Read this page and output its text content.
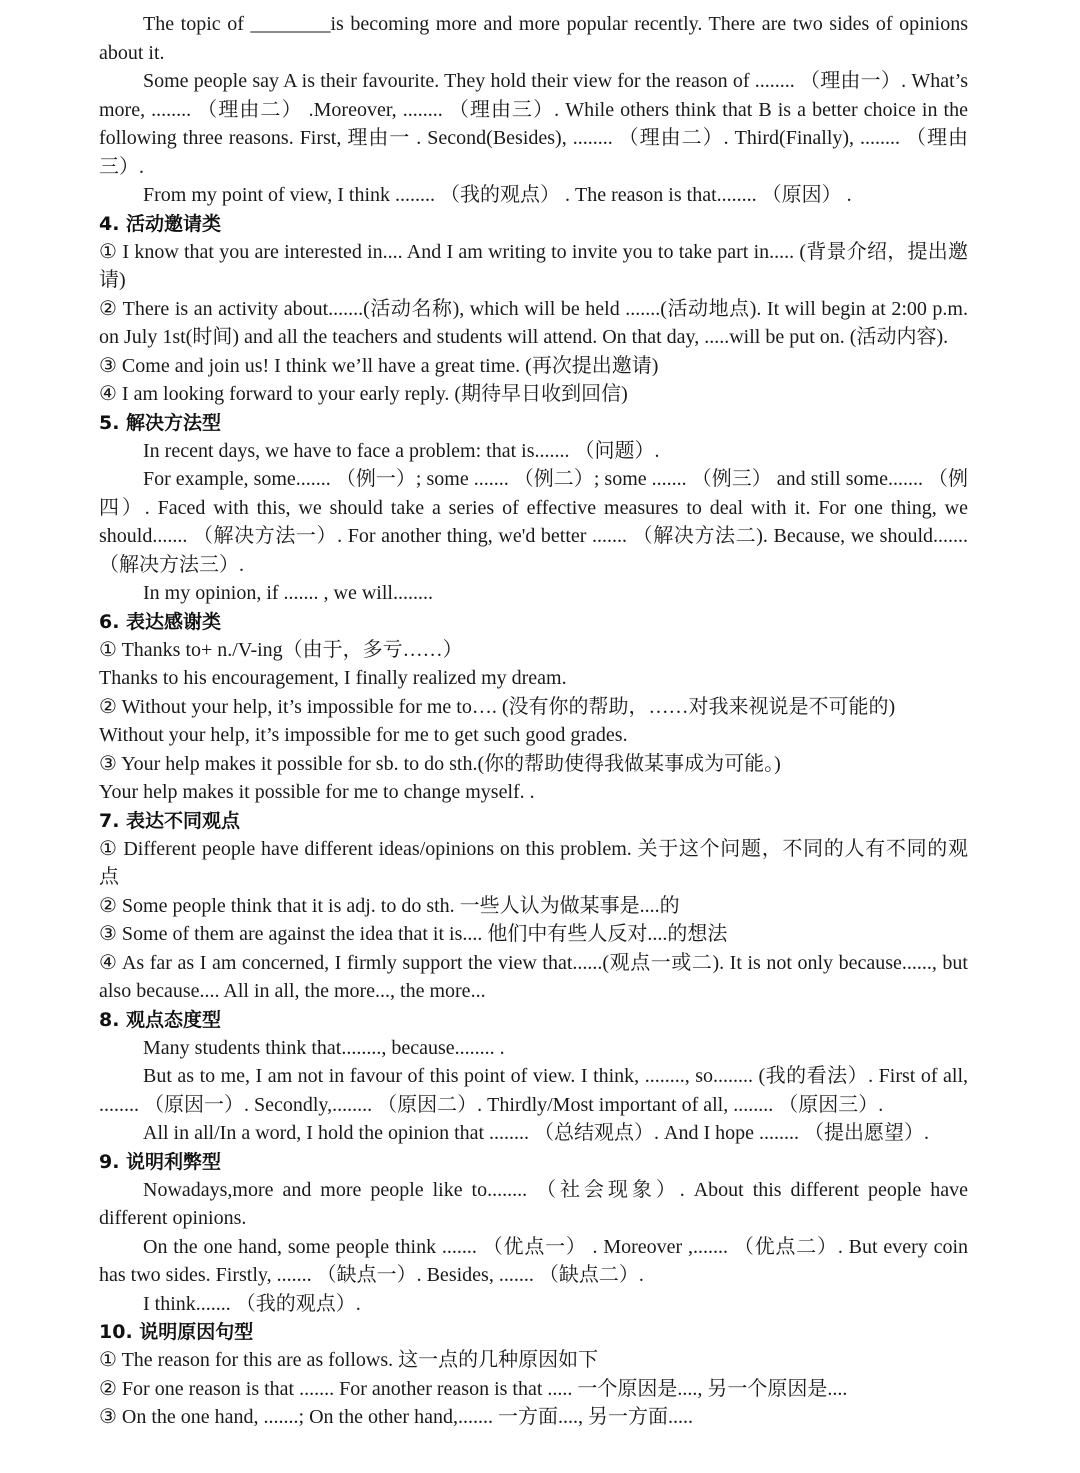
The topic of ________is becoming more and more popular recently. There are two sides of opinions about it.
Some people say A is their favourite. They hold their view for the reason of ........ （理由一）. What’s more, ........ （理由二） .Moreover, ........ （理由三）. While others think that B is a better choice in the following three reasons. First, 理由一 . Second(Besides), ........ （理由二）. Third(Finally), ........ （理由三）.
From my point of view, I think ........ （我的观点） . The reason is that........ （原因） .
4. 活动邀请类
① I know that you are interested in.... And I am writing to invite you to take part in..... (背景介绍，提出邀请)
② There is an activity about.......(活动名称), which will be held .......(活动地点). It will begin at 2:00 p.m. on July 1st(时间) and all the teachers and students will attend. On that day, .....will be put on. (活动内容).
③ Come and join us! I think we’ll have a great time. (再次提出邀请)
④ I am looking forward to your early reply. (期待早日收到回信)
5. 解决方法型
In recent days, we have to face a problem: that is....... （问题）.
For example, some....... （例一）; some ....... （例二）; some ....... （例三） and still some....... （例四）. Faced with this, we should take a series of effective measures to deal with it. For one thing, we should....... （解决方法一）. For another thing, we'd better ....... （解决方法二). Because, we should....... （解决方法三）.
In my opinion, if ....... , we will........
6. 表达感谢类
① Thanks to+ n./V-ing（由于，多亏……）
Thanks to his encouragement, I finally realized my dream.
② Without your help, it’s impossible for me to…. (没有你的帮助，……对我来视说是不可能的)
Without your help, it’s impossible for me to get such good grades.
③ Your help makes it possible for sb. to do sth.(你的帮助使得我做某事成为可能。)
Your help makes it possible for me to change myself. .
7. 表达不同观点
① Different people have different ideas/opinions on this problem. 关于这个问题，不同的人有不同的观点
② Some people think that it is adj. to do sth. 一些人认为做某事是....的
③ Some of them are against the idea that it is.... 他们中有些人反对....的想法
④ As far as I am concerned, I firmly support the view that......(观点一或二). It is not only because......, but also because.... All in all, the more..., the more...
8. 观点态度型
Many students think that........, because........ .
But as to me, I am not in favour of this point of view. I think, ........, so........ (我的看法）. First of all, ........ （原因一）. Secondly,........ （原因二）. Thirdly/Most important of all, ........ （原因三）.
All in all/In a word, I hold the opinion that ........ （总结观点）. And I hope ........ （提出愿望）.
9. 说明利弊型
Nowadays,more and more people like to........ （社会现象）. About this different people have different opinions.
On the one hand, some people think ....... （优点一） . Moreover ,....... （优点二）. But every coin has two sides. Firstly, ....... （缺点一）. Besides, ....... （缺点二）.
I think....... （我的观点）.
10. 说明原因句型
① The reason for this are as follows. 这一点的几种原因如下
② For one reason is that ....... For another reason is that ..... 一个原因是...., 另一个原因是....
③ On the one hand, .......; On the other hand,....... 一方面...., 另一方面.....
